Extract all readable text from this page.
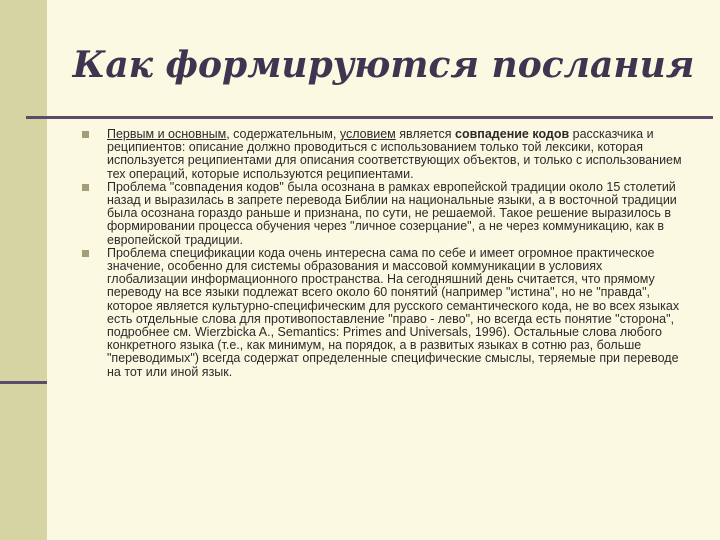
Как формируются послания
Первым и основным, содержательным, условием является совпадение кодов рассказчика и реципиентов: описание должно проводиться с использованием только той лексики, которая используется реципиентами для описания соответствующих объектов, и только с использованием тех операций, которые используются реципиентами.
Проблема "совпадения кодов" была осознана в рамках европейской традиции около 15 столетий назад и выразилась в запрете перевода Библии на национальные языки, а в восточной традиции была осознана гораздо раньше и признана, по сути, не решаемой. Такое решение выразилось в формировании процесса обучения через "личное созерцание", а не через коммуникацию, как в европейской традиции.
Проблема спецификации кода очень интересна сама по себе и имеет огромное практическое значение, особенно для системы образования и массовой коммуникации в условиях глобализации информационного пространства. На сегодняшний день считается, что прямому переводу на все языки подлежат всего около 60 понятий (например "истина", но не "правда", которое является культурно-специфическим для русского семантического кода, не во всех языках есть отдельные слова для противопоставление "право - лево", но всегда есть понятие "сторона", подробнее см. Wierzbicka A., Semantics: Primes and Universals, 1996). Остальные слова любого конкретного языка (т.е., как минимум, на порядок, а в развитых языках в сотню раз, больше "переводимых") всегда содержат определенные специфические смыслы, теряемые при переводе на тот или иной язык.
